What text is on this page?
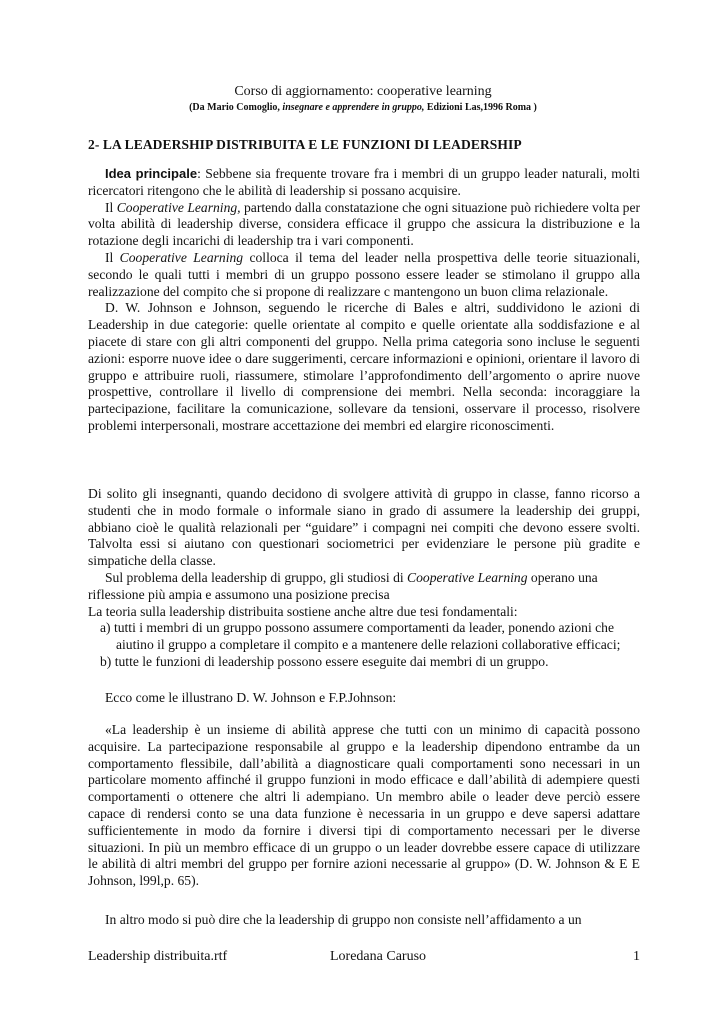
Corso di aggiornamento: cooperative learning
(Da Mario Comoglio, insegnare e apprendere in gruppo, Edizioni Las,1996 Roma )
2- LA LEADERSHIP DISTRIBUITA E LE FUNZIONI DI LEADERSHIP

Idea principale: Sebbene sia frequente trovare fra i membri di un gruppo leader naturali, molti ricercatori ritengono che le abilità di leadership si possano acquisire.

Il Cooperative Learning, partendo dalla constatazione che ogni situazione può richiedere volta per volta abilità di leadership diverse, considera efficace il gruppo che assicura la distribuzione e la rotazione degli incarichi di leadership tra i vari componenti.

Il Cooperative Learning colloca il tema del leader nella prospettiva delle teorie situazionali, secondo le quali tutti i membri di un gruppo possono essere leader se stimolano il gruppo alla realizzazione del compito che si propone di realizzare c mantengono un buon clima relazionale.

D. W. Johnson e Johnson, seguendo le ricerche di Bales e altri, suddividono le azioni di Leadership in due categorie: quelle orientate al compito e quelle orientate alla soddisfazione e al piacete di stare con gli altri componenti del gruppo. Nella prima categoria sono incluse le seguenti azioni: esporre nuove idee o dare suggerimenti, cercare informazioni e opinioni, orientare il lavoro di gruppo e attribuire ruoli, riassumere, stimolare l’approfondimento dell’argomento o aprire nuove prospettive, controllare il livello di comprensione dei membri. Nella seconda: incoraggiare la partecipazione, facilitare la comunicazione, sollevare da tensioni, osservare il processo, risolvere problemi interpersonali, mostrare accettazione dei membri ed elargire riconoscimenti.

Di solito gli insegnanti, quando decidono di svolgere attività di gruppo in classe, fanno ricorso a studenti che in modo formale o informale siano in grado di assumere la leadership dei gruppi, abbiano cioè le qualità relazionali per “guidare” i compagni nei compiti che devono essere svolti. Talvolta essi si aiutano con questionari sociometrici per evidenziare le persone più gradite e simpatiche della classe.

Sul problema della leadership di gruppo, gli studiosi di Cooperative Learning operano una riflessione più ampia e assumono una posizione precisa

La teoria sulla leadership distribuita sostiene anche altre due tesi fondamentali:

a) tutti i membri di un gruppo possono assumere comportamenti da leader, ponendo azioni che aiutino il gruppo a completare il compito e a mantenere delle relazioni collaborative efficaci;

b) tutte le funzioni di leadership possono essere eseguite dai membri di un gruppo.

Ecco come le illustrano D. W. Johnson e F.P.Johnson:

«La leadership è un insieme di abilità apprese che tutti con un minimo di capacità possono acquisire. La partecipazione responsabile al gruppo e la leadership dipendono entrambe da un comportamento flessibile, dall’abilità a diagnosticare quali comportamenti sono necessari in un particolare momento affinché il gruppo funzioni in modo efficace e dall’abilità di adempiere questi comportamenti o ottenere che altri li adempiano. Un membro abile o leader deve perciò essere capace di rendersi conto se una data funzione è necessaria in un gruppo e deve sapersi adattare sufficientemente in modo da fornire i diversi tipi di comportamento necessari per le diverse situazioni. In più un membro efficace di un gruppo o un leader dovrebbe essere capace di utilizzare le abilità di altri membri del gruppo per fornire azioni necessarie al gruppo» (D. W. Johnson & E E Johnson, l99l,p. 65).

In altro modo si può dire che la leadership di gruppo non consiste nell’affidamento a un

Leadership distribuita.rtf	Loredana Caruso	1
